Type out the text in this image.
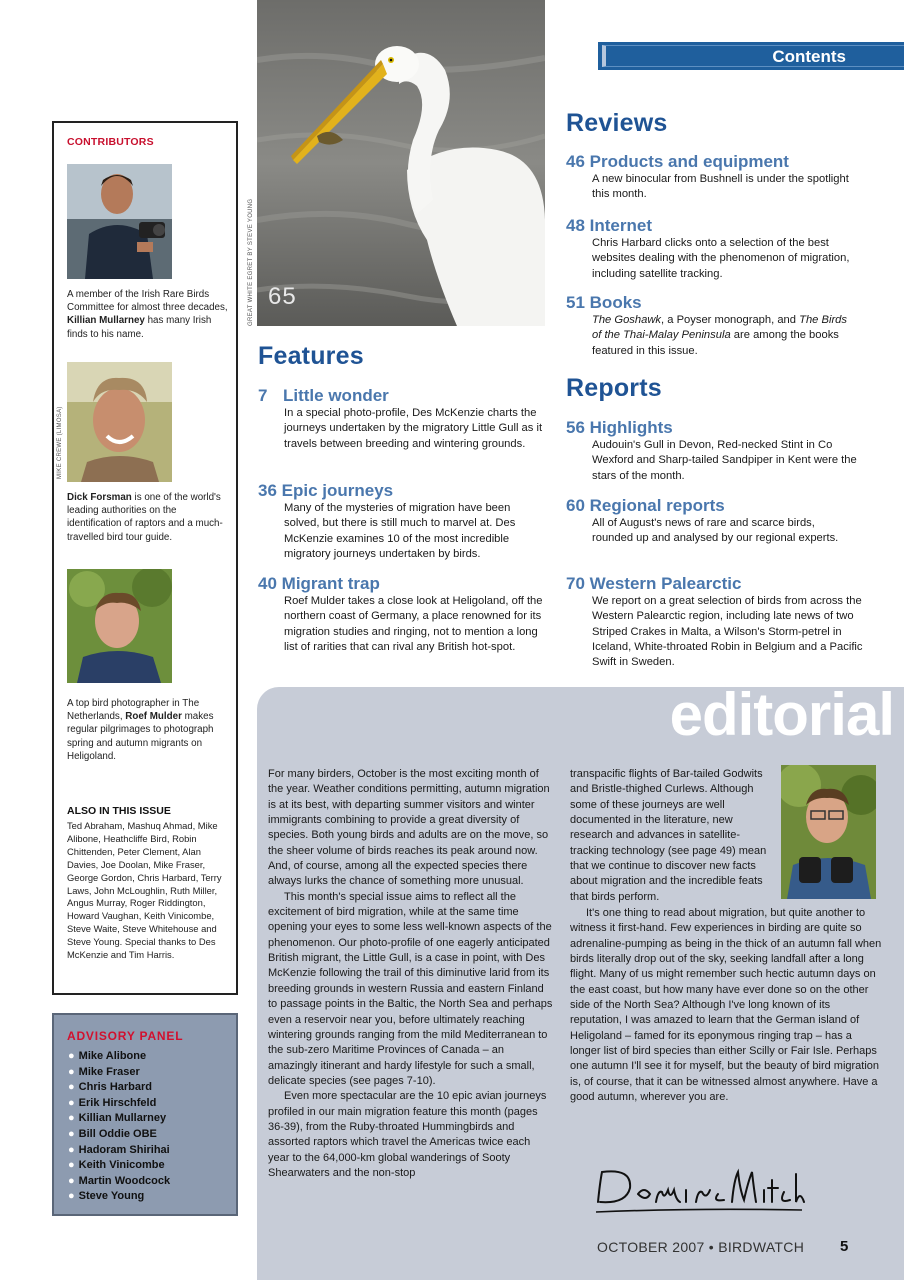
CONTRIBUTORS
A member of the Irish Rare Birds Committee for almost three decades, Killian Mullarney has many Irish finds to his name.
MIKE CREWE (LIMOSA)
Dick Forsman is one of the world's leading authorities on the identification of raptors and a much-travelled bird tour guide.
A top bird photographer in The Netherlands, Roef Mulder makes regular pilgrimages to photograph spring and autumn migrants on Heligoland.
ALSO IN THIS ISSUE
Ted Abraham, Mashuq Ahmad, Mike Alibone, Heathcliffe Bird, Robin Chittenden, Peter Clement, Alan Davies, Joe Doolan, Mike Fraser, George Gordon, Chris Harbard, Terry Laws, John McLoughlin, Ruth Miller, Angus Murray, Roger Riddington, Howard Vaughan, Keith Vinicombe, Steve Waite, Steve Whitehouse and Steve Young. Special thanks to Des McKenzie and Tim Harris.
ADVISORY PANEL
● Mike Alibone
● Mike Fraser
● Chris Harbard
● Erik Hirschfeld
● Killian Mullarney
● Bill Oddie OBE
● Hadoram Shirihai
● Keith Vinicombe
● Martin Woodcock
● Steve Young
65
GREAT WHITE EGRET BY STEVE YOUNG
Contents
Reviews
46 Products and equipment
A new binocular from Bushnell is under the spotlight this month.
48 Internet
Chris Harbard clicks onto a selection of the best websites dealing with the phenomenon of migration, including satellite tracking.
51 Books
The Goshawk, a Poyser monograph, and The Birds of the Thai-Malay Peninsula are among the books featured in this issue.
Reports
56 Highlights
Audouin's Gull in Devon, Red-necked Stint in Co Wexford and Sharp-tailed Sandpiper in Kent were the stars of the month.
60 Regional reports
All of August's news of rare and scarce birds, rounded up and analysed by our regional experts.
70 Western Palearctic
We report on a great selection of birds from across the Western Palearctic region, including late news of two Striped Crakes in Malta, a Wilson's Storm-petrel in Iceland, White-throated Robin in Belgium and a Pacific Swift in Sweden.
Features
7 Little wonder
In a special photo-profile, Des McKenzie charts the journeys undertaken by the migratory Little Gull as it travels between breeding and wintering grounds.
36 Epic journeys
Many of the mysteries of migration have been solved, but there is still much to marvel at. Des McKenzie examines 10 of the most incredible migratory journeys undertaken by birds.
40 Migrant trap
Roef Mulder takes a close look at Heligoland, off the northern coast of Germany, a place renowned for its migration studies and ringing, not to mention a long list of rarities that can rival any British hot-spot.
editorial

For many birders, October is the most exciting month of the year. Weather conditions permitting, autumn migration is at its best, with departing summer visitors and winter immigrants combining to provide a great diversity of species. Both young birds and adults are on the move, so the sheer volume of birds reaches its peak around now. And, of course, among all the expected species there always lurks the chance of something more unusual.

This month's special issue aims to reflect all the excitement of bird migration, while at the same time opening your eyes to some less well-known aspects of the phenomenon. Our photo-profile of one eagerly anticipated British migrant, the Little Gull, is a case in point, with Des McKenzie following the trail of this diminutive larid from its breeding grounds in western Russia and eastern Finland to passage points in the Baltic, the North Sea and perhaps even a reservoir near you, before ultimately reaching wintering grounds ranging from the mild Mediterranean to the sub-zero Maritime Provinces of Canada – an amazingly itinerant and hardy lifestyle for such a small, delicate species (see pages 7-10).

Even more spectacular are the 10 epic avian journeys profiled in our main migration feature this month (pages 36-39), from the Ruby-throated Hummingbirds and assorted raptors which travel the Americas twice each year to the 64,000-km global wanderings of Sooty Shearwaters and the non-stop

transpacific flights of Bar-tailed Godwits and Bristle-thighed Curlews. Although some of these journeys are well documented in the literature, new research and advances in satellite-tracking technology (see page 49) mean that we continue to discover new facts about migration and the incredible feats that birds perform.

It's one thing to read about migration, but quite another to witness it first-hand. Few experiences in birding are quite so adrenaline-pumping as being in the thick of an autumn fall when birds literally drop out of the sky, seeking landfall after a long flight. Many of us might remember such hectic autumn days on the east coast, but how many have ever done so on the other side of the North Sea? Although I've long known of its reputation, I was amazed to learn that the German island of Heligoland – famed for its eponymous ringing trap – has a longer list of bird species than either Scilly or Fair Isle. Perhaps one autumn I'll see it for myself, but the beauty of bird migration is, of course, that it can be witnessed almost anywhere. Have a good autumn, wherever you are.

OCTOBER 2007 • BIRDWATCH 5
